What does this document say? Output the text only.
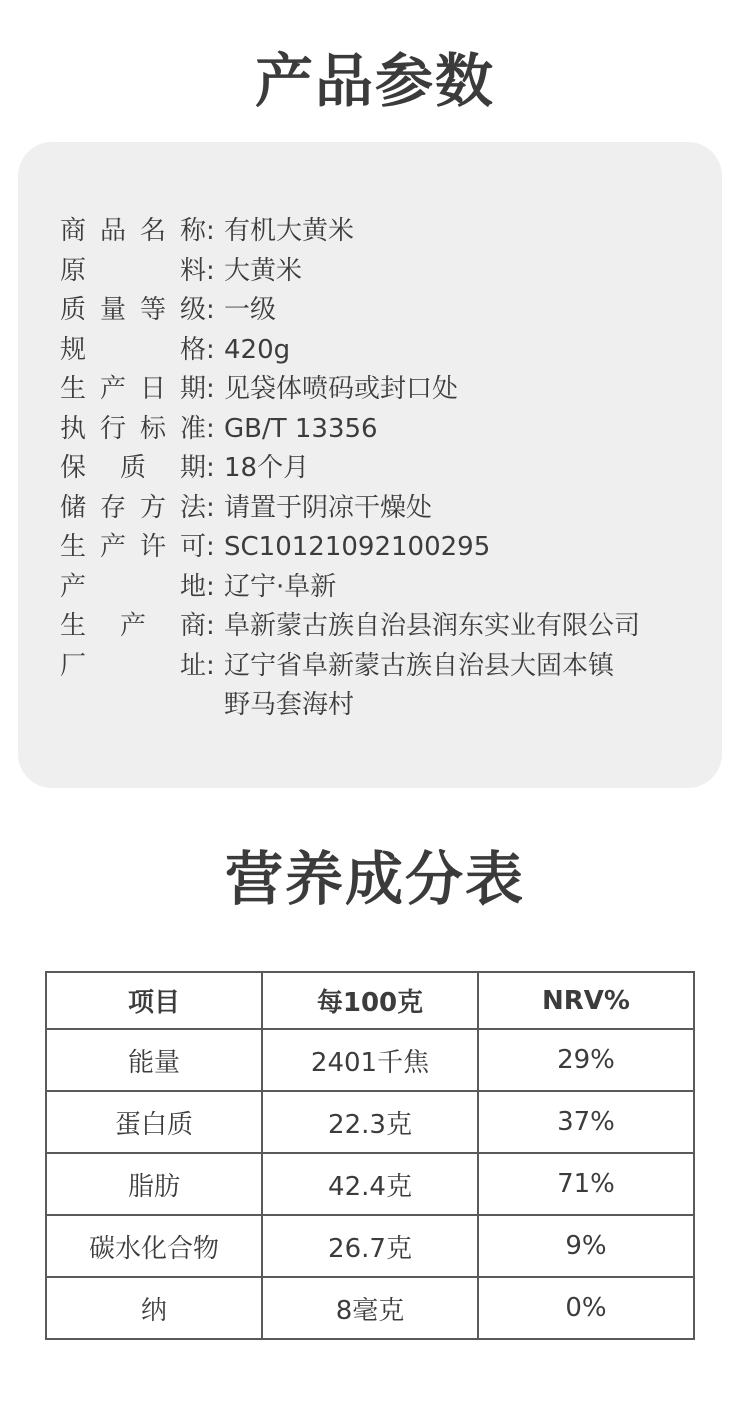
产品参数
商品名称 : 有机大黄米
原　料 : 大黄米
质量等级 : 一级
规　格 : 420g
生产日期 : 见袋体喷码或封口处
执行标准 : GB/T 13356
保 质 期 : 18个月
储存方法 : 请置于阴凉干燥处
生产许可 : SC10121092100295
产　地 : 辽宁·阜新
生 产 商 : 阜新蒙古族自治县润东实业有限公司
厂　址 : 辽宁省阜新蒙古族自治县大固本镇
野马套海村
营养成分表
项目	每100克	NRV%
能量	2401千焦	29%
蛋白质	22.3克	37%
脂肪	42.4克	71%
碳水化合物	26.7克	9%
纳	8毫克	0%
